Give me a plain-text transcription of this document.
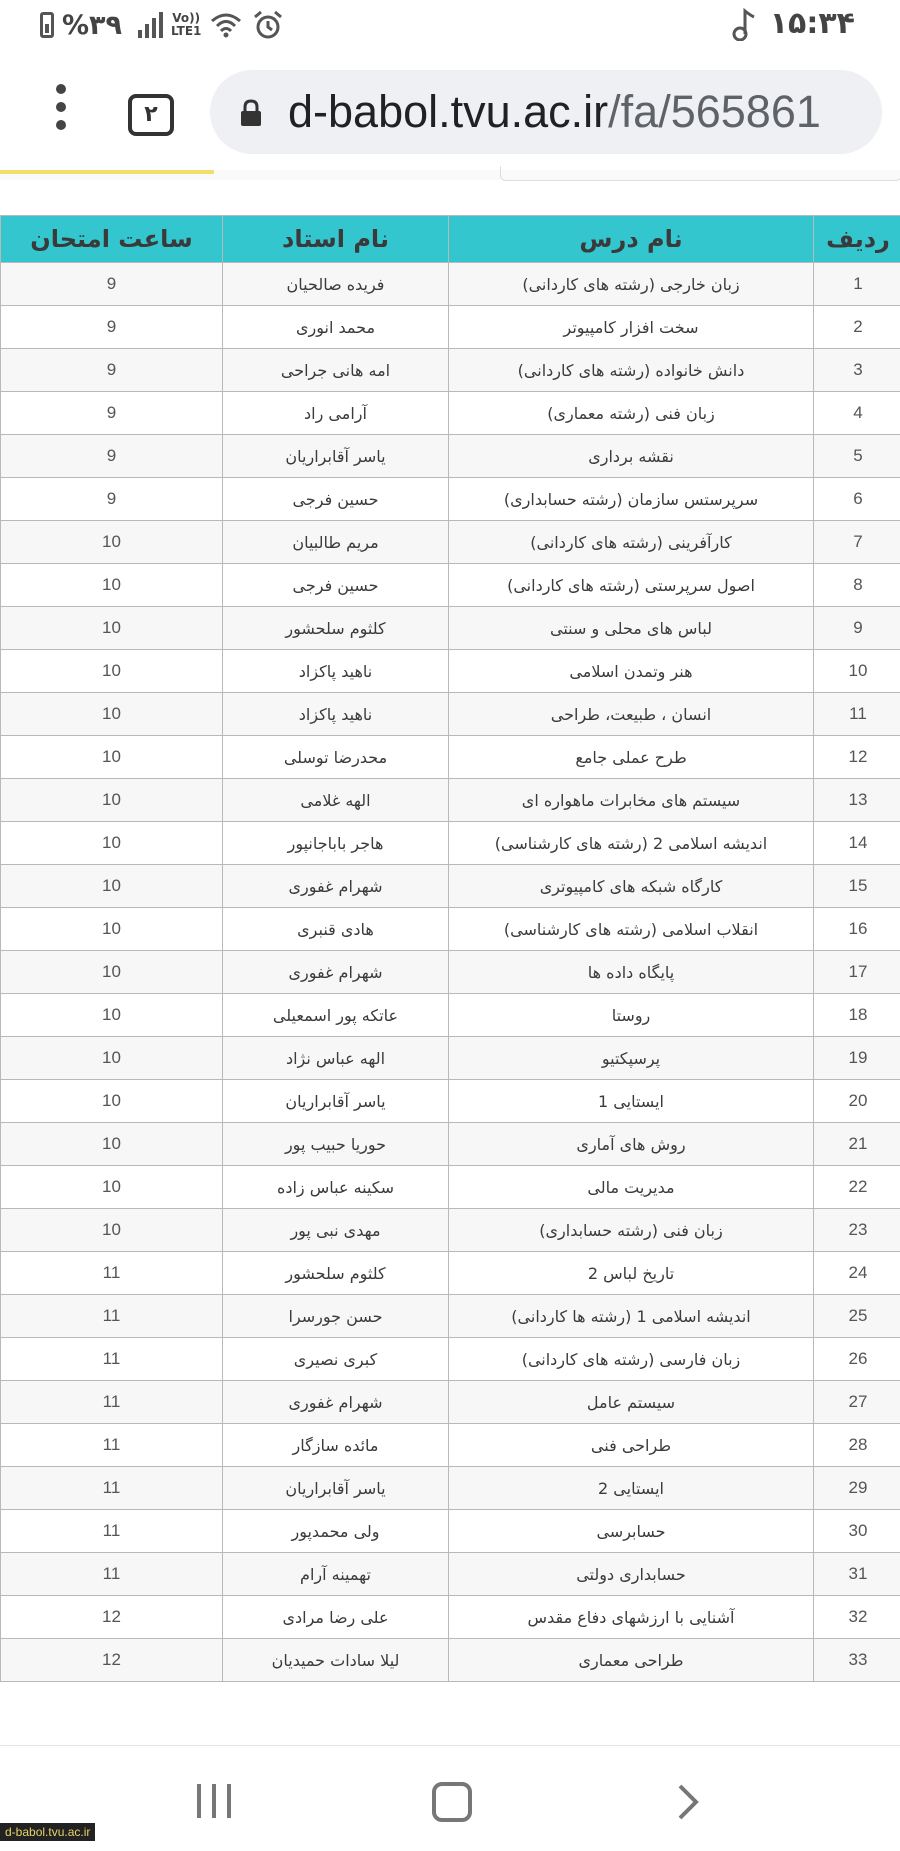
%۳۹	Vo))
LTE1	۱۵:۳۴
۲	d-babol.tvu.ac.ir/fa/565861
ردیف	نام درس	نام استاد	ساعت امتحان
1	زبان خارجی (رشته های کاردانی)	فریده صالحیان	9
2	سخت افزار کامپیوتر	محمد انوری	9
3	دانش خانواده (رشته های کاردانی)	امه هانی جراحی	9
4	زبان فنی (رشته معماری)	آرامی راد	9
5	نقشه برداری	یاسر آقابراریان	9
6	سرپرستس سازمان (رشته حسابداری)	حسین فرجی	9
7	کارآفرینی (رشته های کاردانی)	مریم طالبیان	10
8	اصول سرپرستی (رشته های کاردانی)	حسین فرجی	10
9	لباس های محلی و سنتی	کلثوم سلحشور	10
10	هنر وتمدن اسلامی	ناهید پاکزاد	10
11	انسان ، طبیعت، طراحی	ناهید پاکزاد	10
12	طرح عملی جامع	محدرضا توسلی	10
13	سیستم های مخابرات ماهواره ای	الهه غلامی	10
14	اندیشه اسلامی 2 (رشته های کارشناسی)	هاجر باباجانپور	10
15	کارگاه شبکه های کامپیوتری	شهرام غفوری	10
16	انقلاب اسلامی (رشته های کارشناسی)	هادی قنبری	10
17	پایگاه داده ها	شهرام غفوری	10
18	روستا	عاتکه پور اسمعیلی	10
19	پرسپکتیو	الهه عباس نژاد	10
20	ایستایی 1	یاسر آقابراریان	10
21	روش های آماری	حوریا حبیب پور	10
22	مدیریت مالی	سکینه عباس زاده	10
23	زبان فنی (رشته حسابداری)	مهدی نبی پور	10
24	تاریخ لباس 2	کلثوم سلحشور	11
25	اندیشه اسلامی 1 (رشته ها کاردانی)	حسن جورسرا	11
26	زبان فارسی (رشته های کاردانی)	کبری نصیری	11
27	سیستم عامل	شهرام غفوری	11
28	طراحی فنی	مائده سازگار	11
29	ایستایی 2	یاسر آقابراریان	11
30	حسابرسی	ولی محمدپور	11
31	حسابداری دولتی	تهمینه آرام	11
32	آشنایی با ارزشهای دفاع مقدس	علی رضا مرادی	12
33	طراحی معماری	لیلا سادات حمیدیان	12
d-babol.tvu.ac.ir
